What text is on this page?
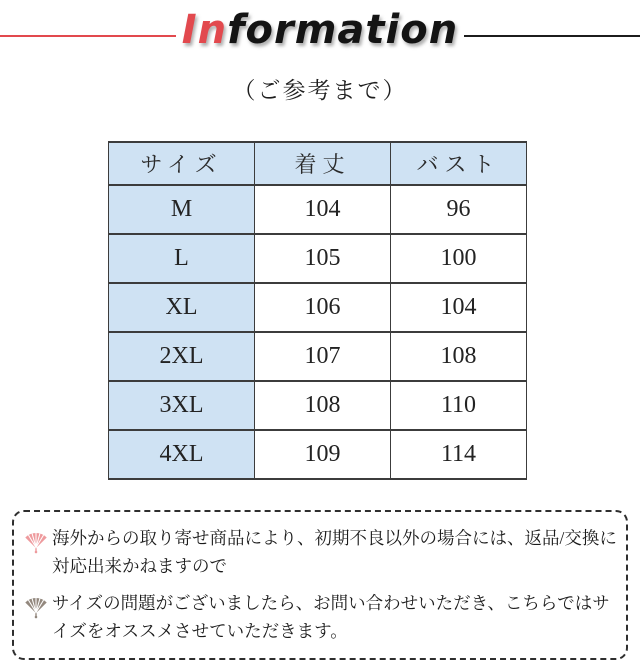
Information
（ご参考まで）
サイズ	着丈	バスト
M	104	96
L	105	100
XL	106	104
2XL	107	108
3XL	108	110
4XL	109	114
海外からの取り寄せ商品により、初期不良以外の場合には、返品/交換に対応出来かねますので
サイズの問題がございましたら、お問い合わせいただき、こちらではサイズをオススメさせていただきます。
